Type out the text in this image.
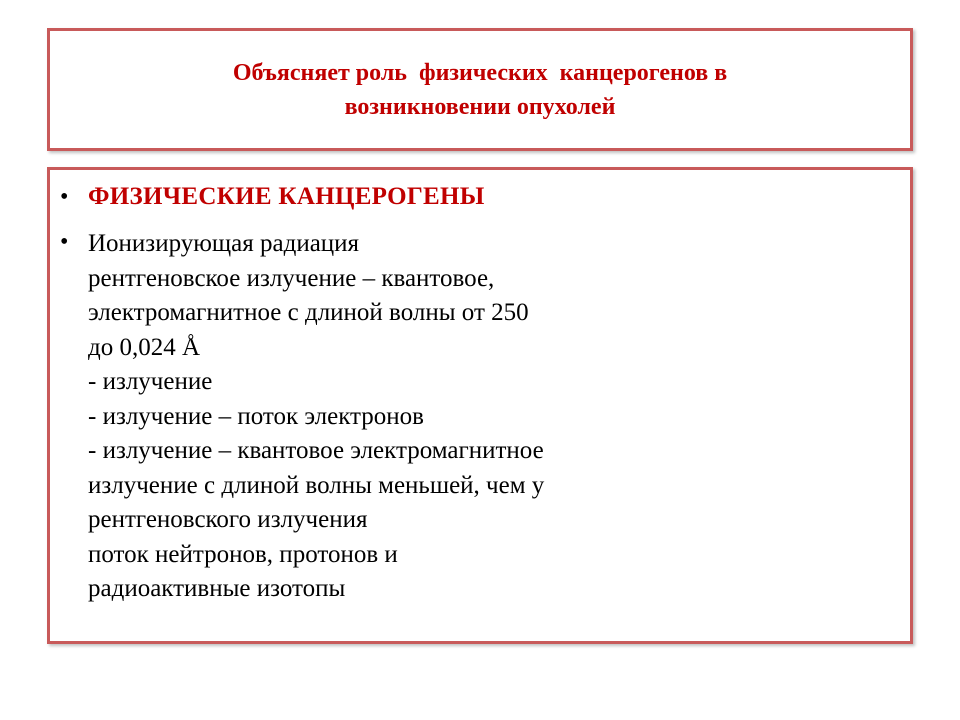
Объясняет роль  физических  канцерогенов в возникновении опухолей
• ФИЗИЧЕСКИЕ КАНЦЕРОГЕНЫ
• Ионизирующая радиация
рентгеновское излучение – квантовое,
электромагнитное с длиной волны от 250
до 0,024 Å
- излучение
- излучение – поток электронов
- излучение – квантовое электромагнитное
излучение с длиной волны меньшей, чем у
рентгеновского излучения
поток нейтронов, протонов и
радиоактивные изотопы
